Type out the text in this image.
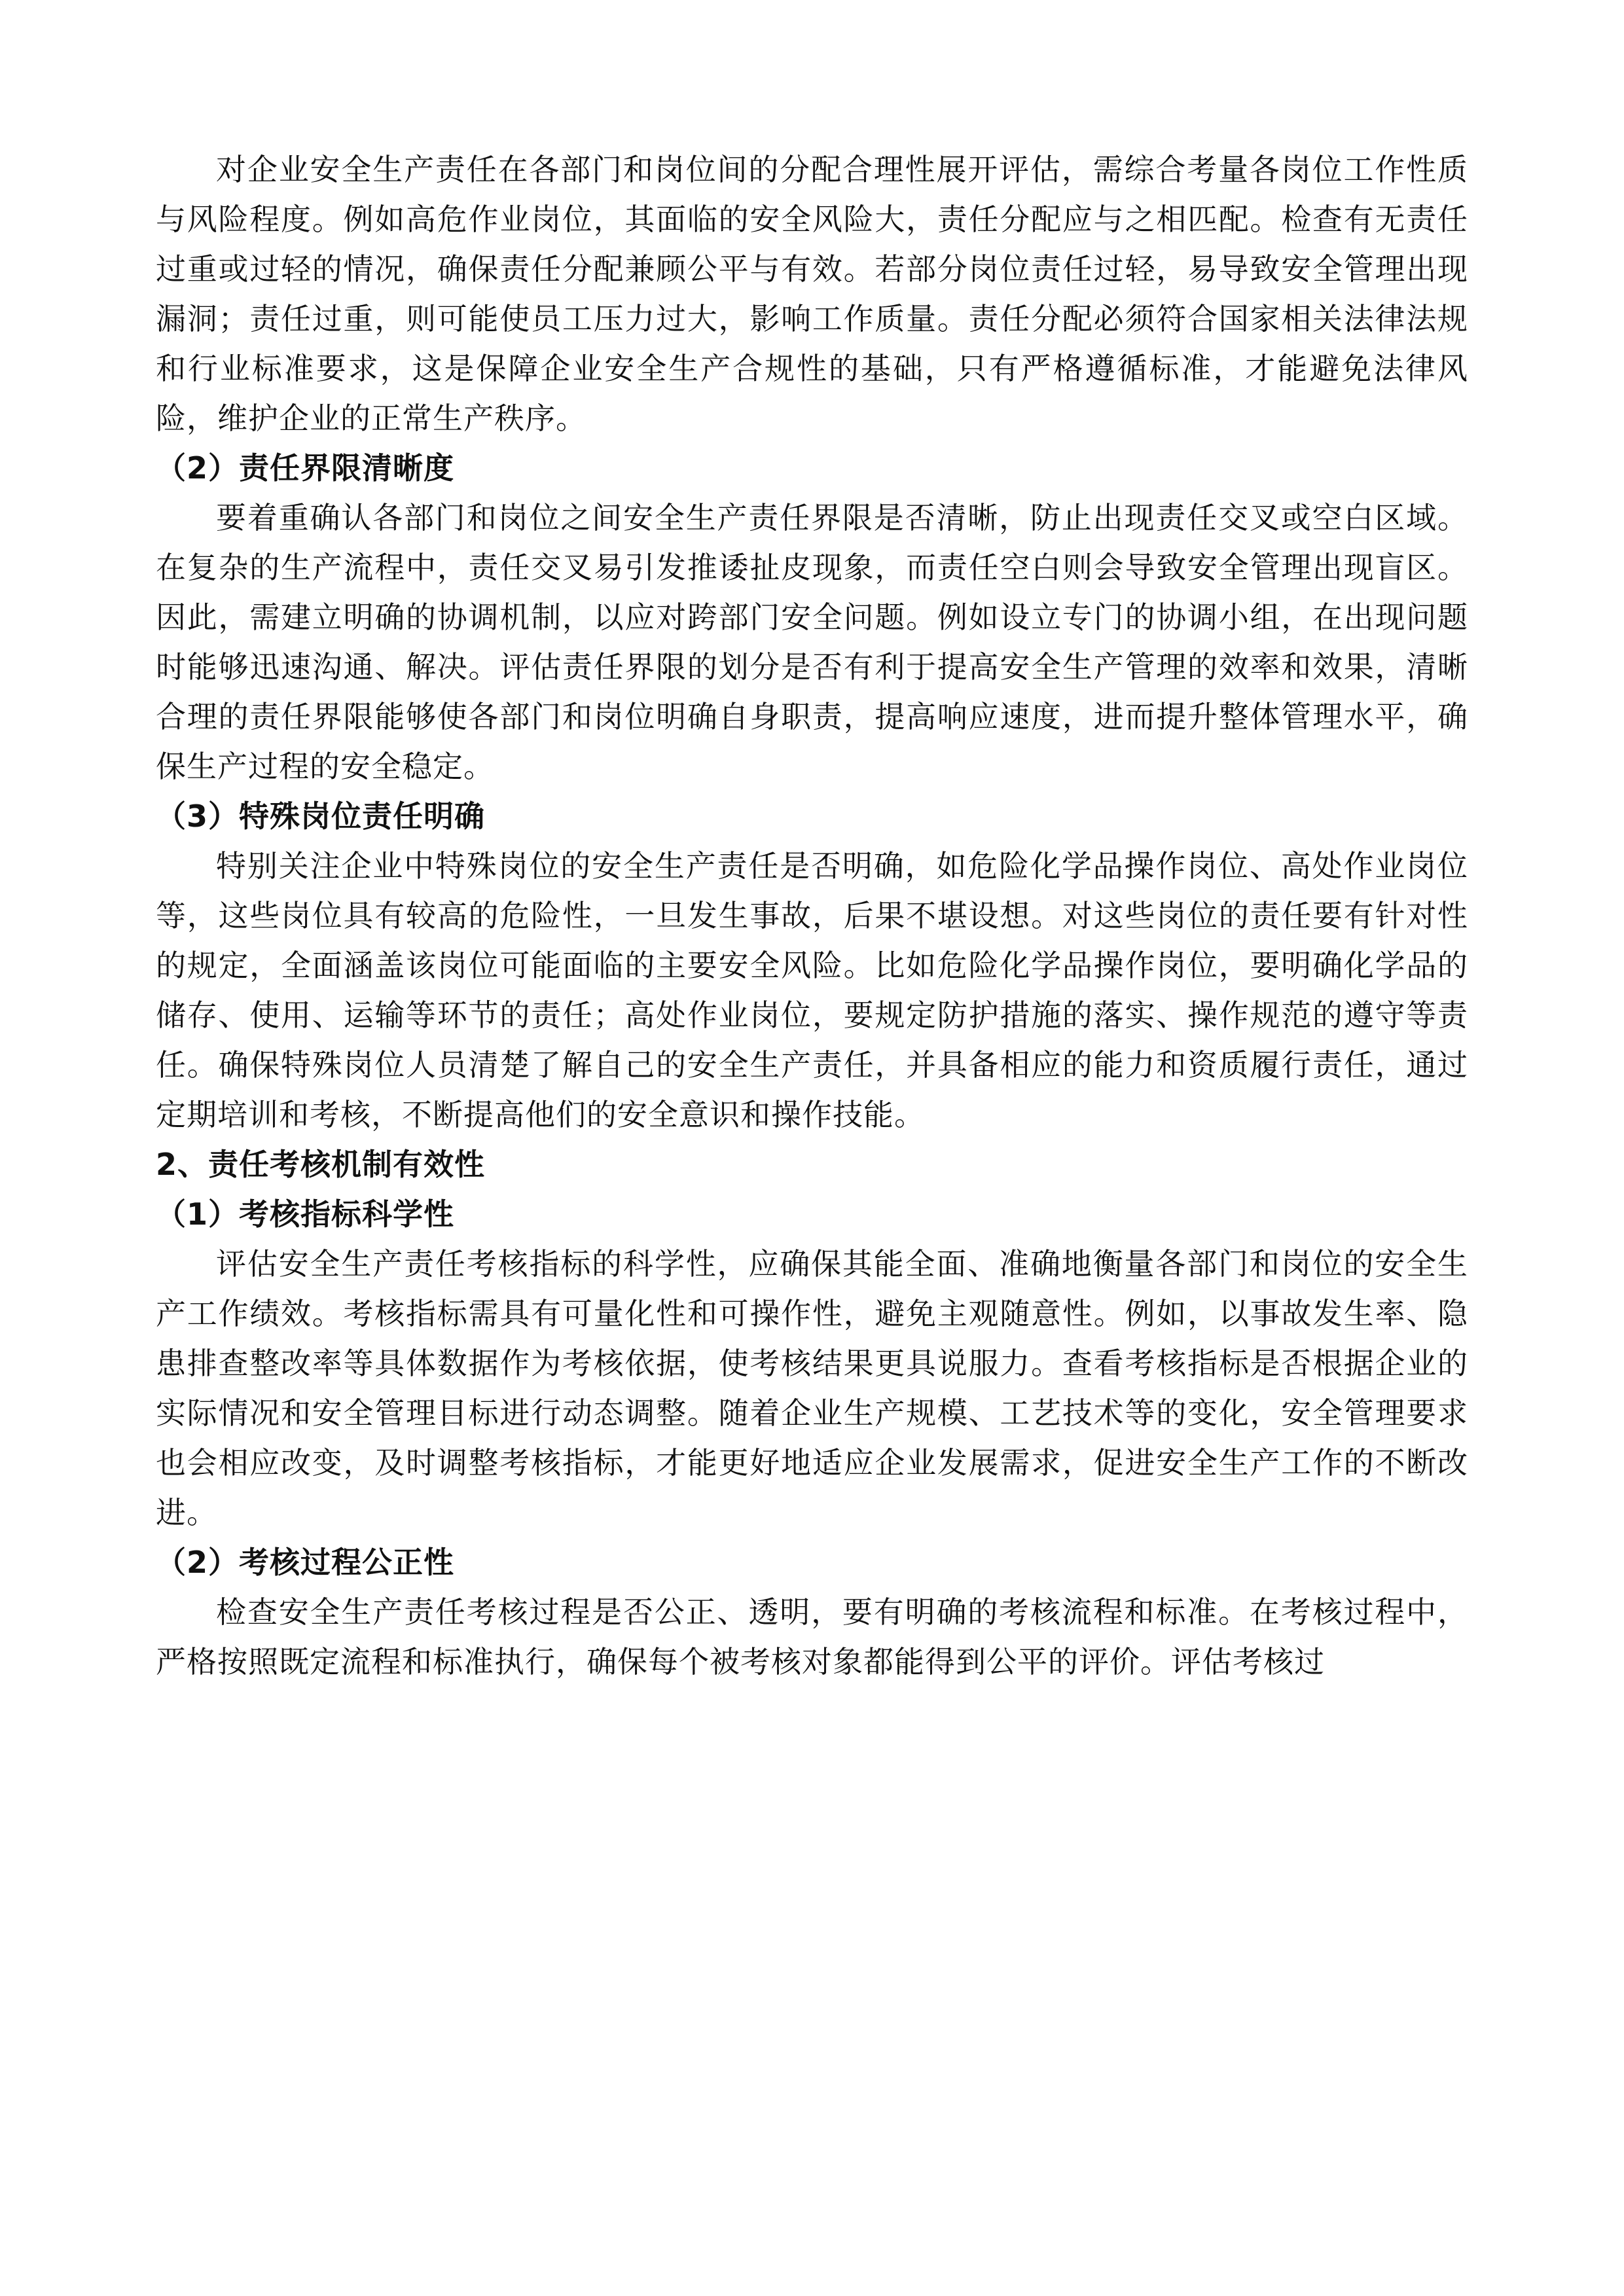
对企业安全生产责任在各部门和岗位间的分配合理性展开评估，需综合考量各岗位工作性质与风险程度。例如高危作业岗位，其面临的安全风险大，责任分配应与之相匹配。检查有无责任过重或过轻的情况，确保责任分配兼顾公平与有效。若部分岗位责任过轻，易导致安全管理出现漏洞；责任过重，则可能使员工压力过大，影响工作质量。责任分配必须符合国家相关法律法规和行业标准要求，这是保障企业安全生产合规性的基础，只有严格遵循标准，才能避免法律风险，维护企业的正常生产秩序。

（2）责任界限清晰度

要着重确认各部门和岗位之间安全生产责任界限是否清晰，防止出现责任交叉或空白区域。在复杂的生产流程中，责任交叉易引发推诿扯皮现象，而责任空白则会导致安全管理出现盲区。因此，需建立明确的协调机制，以应对跨部门安全问题。例如设立专门的协调小组，在出现问题时能够迅速沟通、解决。评估责任界限的划分是否有利于提高安全生产管理的效率和效果，清晰合理的责任界限能够使各部门和岗位明确自身职责，提高响应速度，进而提升整体管理水平，确保生产过程的安全稳定。

（3）特殊岗位责任明确

特别关注企业中特殊岗位的安全生产责任是否明确，如危险化学品操作岗位、高处作业岗位等，这些岗位具有较高的危险性，一旦发生事故，后果不堪设想。对这些岗位的责任要有针对性的规定，全面涵盖该岗位可能面临的主要安全风险。比如危险化学品操作岗位，要明确化学品的储存、使用、运输等环节的责任；高处作业岗位，要规定防护措施的落实、操作规范的遵守等责任。确保特殊岗位人员清楚了解自己的安全生产责任，并具备相应的能力和资质履行责任，通过定期培训和考核，不断提高他们的安全意识和操作技能。

2、责任考核机制有效性

（1）考核指标科学性

评估安全生产责任考核指标的科学性，应确保其能全面、准确地衡量各部门和岗位的安全生产工作绩效。考核指标需具有可量化性和可操作性，避免主观随意性。例如，以事故发生率、隐患排查整改率等具体数据作为考核依据，使考核结果更具说服力。查看考核指标是否根据企业的实际情况和安全管理目标进行动态调整。随着企业生产规模、工艺技术等的变化，安全管理要求也会相应改变，及时调整考核指标，才能更好地适应企业发展需求，促进安全生产工作的不断改进。

（2）考核过程公正性

检查安全生产责任考核过程是否公正、透明，要有明确的考核流程和标准。在考核过程中，严格按照既定流程和标准执行，确保每个被考核对象都能得到公平的评价。评估考核过
